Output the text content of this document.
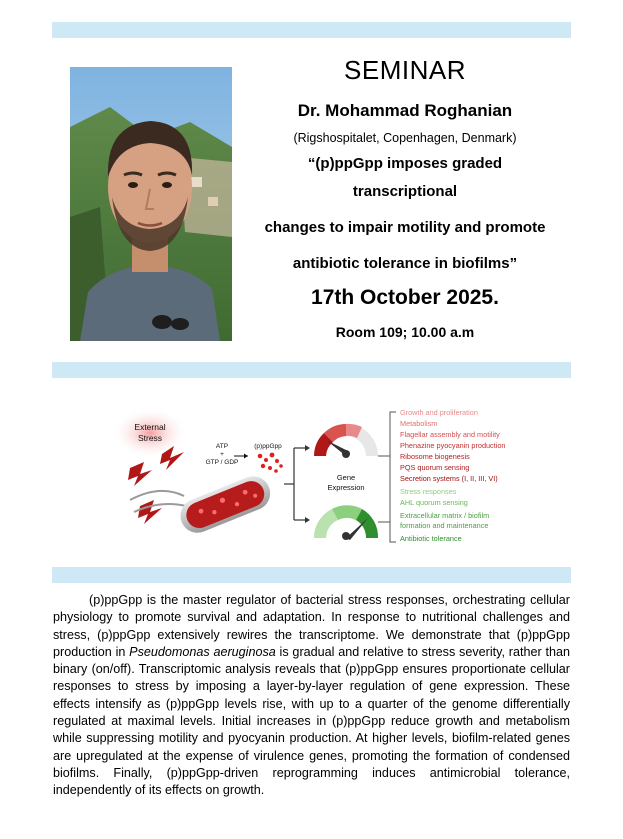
SEMINAR
Dr. Mohammad Roghanian
(Rigshospitalet, Copenhagen, Denmark)
“(p)ppGpp imposes graded
transcriptional
changes to impair motility and promote
antibiotic tolerance in biofilms”
17th October 2025.
Room 109; 10.00 a.m
External
Stress
ATP
+
GTP / GDP
(p)ppGpp
Gene
Expression
Growth and proliferation
Metabolism
Flagellar assembly and motility
Phenazine pyocyanin production
Ribosome biogenesis
PQS quorum sensing
Secretion systems (I, II, III, VI)
Stress responses
AHL quorum sensing
Extracellular matrix / biofilm
formation and maintenance
Antibiotic tolerance
(p)ppGpp is the master regulator of bacterial stress responses, orchestrating cellular physiology to promote survival and adaptation. In response to nutritional challenges and stress, (p)ppGpp extensively rewires the transcriptome. We demonstrate that (p)ppGpp production in Pseudomonas aeruginosa is gradual and relative to stress severity, rather than binary (on/off). Transcriptomic analysis reveals that (p)ppGpp ensures proportionate cellular responses to stress by imposing a layer-by-layer regulation of gene expression. These effects intensify as (p)ppGpp levels rise, with up to a quarter of the genome differentially regulated at maximal levels. Initial increases in (p)ppGpp reduce growth and metabolism while suppressing motility and pyocyanin production. At higher levels, biofilm-related genes are upregulated at the expense of virulence genes, promoting the formation of condensed biofilms. Finally, (p)ppGpp-driven reprogramming induces antimicrobial tolerance, independently of its effects on growth.
